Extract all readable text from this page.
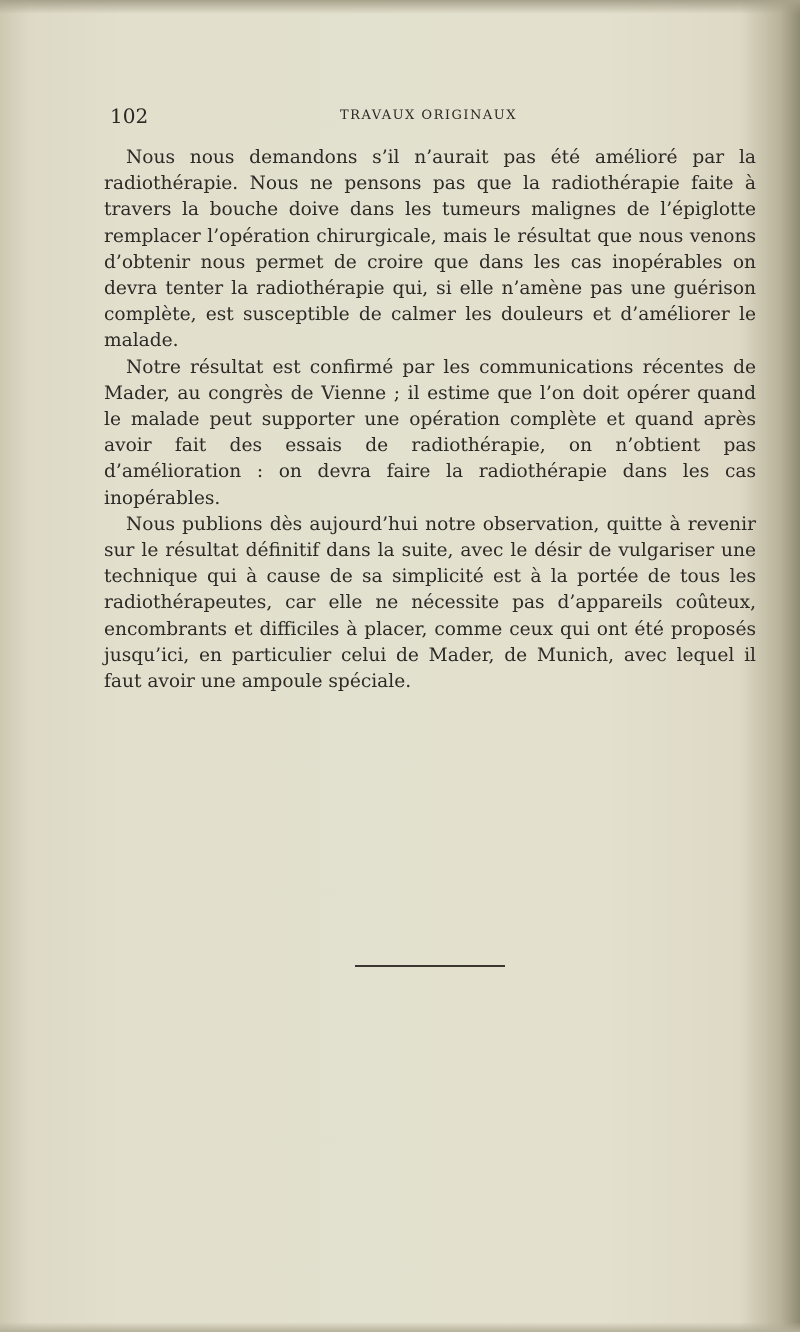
102	TRAVAUX ORIGINAUX

Nous nous demandons s’il n’aurait pas été amélioré par la radiothérapie. Nous ne pensons pas que la radiothérapie faite à travers la bouche doive dans les tumeurs malignes de l’épiglotte remplacer l’opération chirurgicale, mais le résultat que nous venons d’obtenir nous permet de croire que dans les cas inopérables on devra tenter la radiothérapie qui, si elle n’amène pas une guérison complète, est susceptible de calmer les douleurs et d’améliorer le malade.

Notre résultat est confirmé par les communications récentes de Mader, au congrès de Vienne ; il estime que l’on doit opérer quand le malade peut supporter une opération complète et quand après avoir fait des essais de radiothérapie, on n’obtient pas d’amélioration : on devra faire la radiothérapie dans les cas inopérables.

Nous publions dès aujourd’hui notre observation, quitte à revenir sur le résultat définitif dans la suite, avec le désir de vulgariser une technique qui à cause de sa simplicité est à la portée de tous les radiothérapeutes, car elle ne nécessite pas d’appareils coûteux, encombrants et difficiles à placer, comme ceux qui ont été proposés jusqu’ici, en particulier celui de Mader, de Munich, avec lequel il faut avoir une ampoule spéciale.
